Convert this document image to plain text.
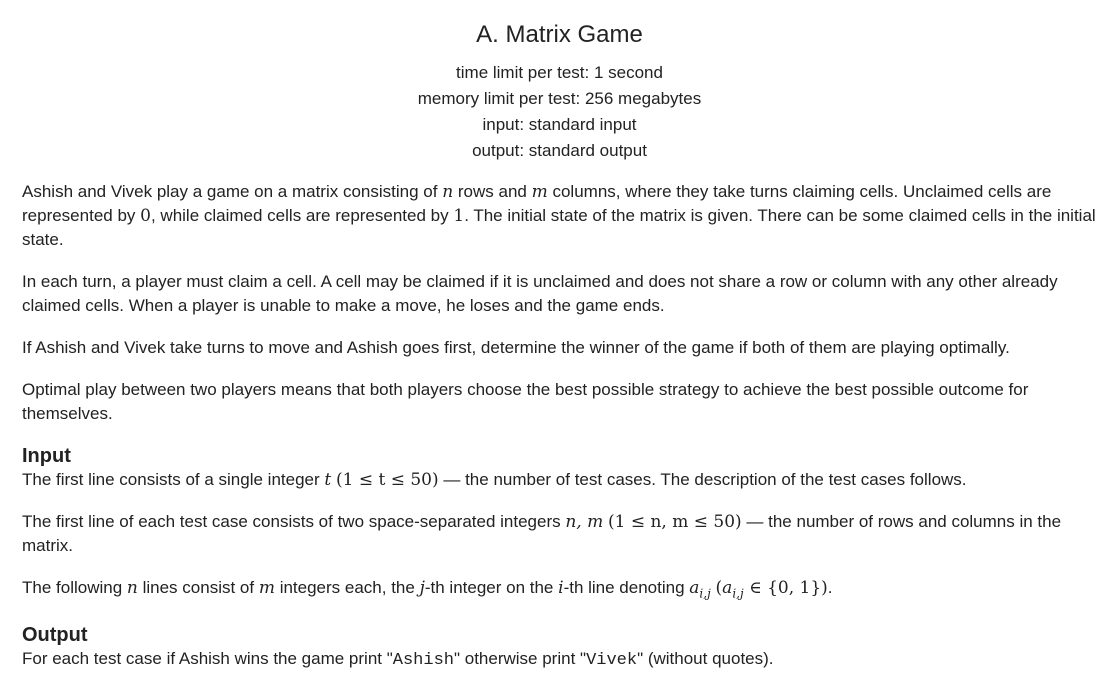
A. Matrix Game
time limit per test: 1 second
memory limit per test: 256 megabytes
input: standard input
output: standard output

Ashish and Vivek play a game on a matrix consisting of n rows and m columns, where they take turns claiming cells. Unclaimed cells are represented by 0, while claimed cells are represented by 1. The initial state of the matrix is given. There can be some claimed cells in the initial state.

In each turn, a player must claim a cell. A cell may be claimed if it is unclaimed and does not share a row or column with any other already claimed cells. When a player is unable to make a move, he loses and the game ends.

If Ashish and Vivek take turns to move and Ashish goes first, determine the winner of the game if both of them are playing optimally.

Optimal play between two players means that both players choose the best possible strategy to achieve the best possible outcome for themselves.

Input

The first line consists of a single integer t (1 ≤ t ≤ 50) — the number of test cases. The description of the test cases follows.

The first line of each test case consists of two space-separated integers n, m (1 ≤ n, m ≤ 50) — the number of rows and columns in the matrix.

The following n lines consist of m integers each, the j-th integer on the i-th line denoting $a_{i,j}$ ($a_{i,j}$ ∈ {0, 1}).

Output

For each test case if Ashish wins the game print "Ashish" otherwise print "Vivek" (without quotes).
